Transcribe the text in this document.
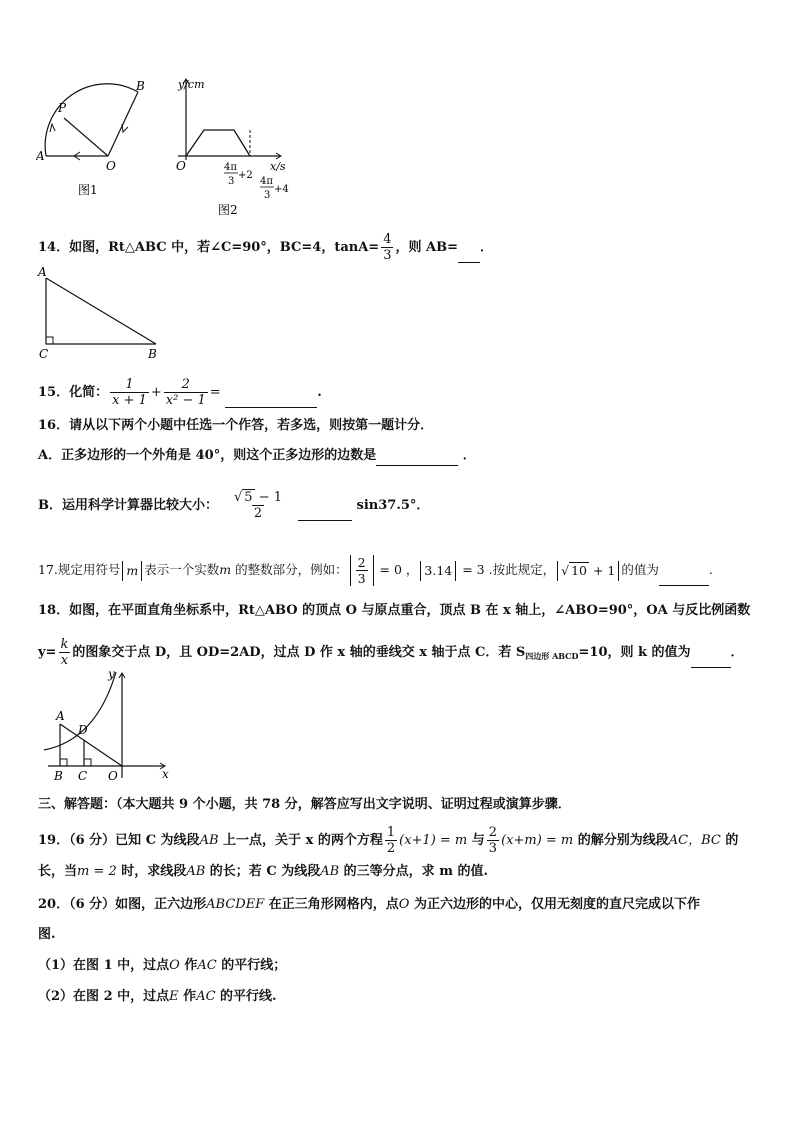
P
B
A
O
图1
y/cm
x/s
O	4π
3
+2
4π
3
+4
图2
14．如图，Rt△ABC 中，若∠C=90°，BC=4，$\tan A= \frac{4}{3}$ ，则 AB= ．
A
C	B
15．化简： $\frac{1}{x + 1} + \frac{2}{\text{x² − 1}}$ =	.
16．请从以下两个小题中任选一个作答，若多选，则按第一题计分．
A．正多边形的一个外角是 40°，则这个正多边形的边数是	．
B．运用科学计算器比较大小： $\frac{√ 5 - 1}{2}$	sin37.5°．
17.规定用符号 m 表示一个实数m 的整数部分，例如： $\frac{2}{3} = 0$ ， 3.14 = 3 .按此规定， √ 10 + 1 的值为	.
18．如图，在平面直角坐标系中，Rt△ABO 的顶点 O 与原点重合，顶点 B 在 x 轴上，∠ABO=90°，OA 与反比例函数
$y= \frac{k}{x}$ 的图象交于点 D，且 OD=2AD，过点 D 作 x 轴的垂线交 x 轴于点 C．若 $S_{四边形 ABCD}=10$，则 k 的值为	．
y
A
D
B C O	x
三、解答题：（本大题共 9 个小题，共 78 分，解答应写出文字说明、证明过程或演算步骤．
19．（6 分）已知 C 为线段AB 上一点，关于 x 的两个方程 $\frac{1}{2} (x+1) = m$ 与 $\frac{2}{3} (x+m) = m$ 的解分别为线段AC，BC 的
长，当m = 2 时，求线段AB 的长；若 C 为线段AB 的三等分点，求 m 的值.
20．（6 分）如图，正六边形ABCDEF 在正三角形网格内，点O 为正六边形的中心，仅用无刻度的直尺完成以下作
图.
（1）在图 1 中，过点O 作AC 的平行线；
（2）在图 2 中，过点E 作AC 的平行线.
